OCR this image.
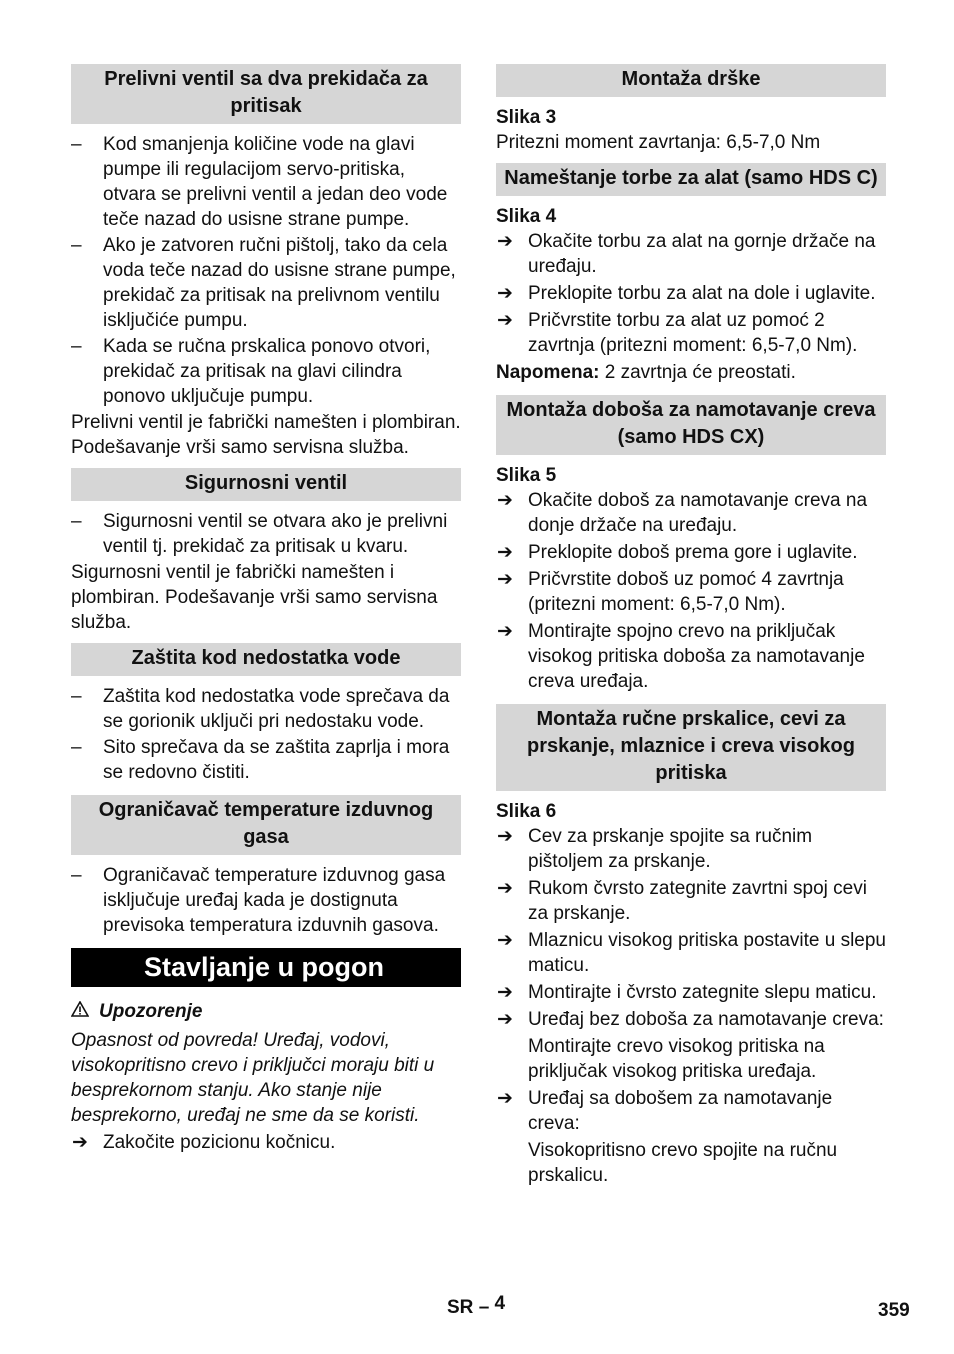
Prelivni ventil sa dva prekidača za pritisak
– Kod smanjenja količine vode na glavi pumpe ili regulacijom servo-pritiska, otvara se prelivni ventil a jedan deo vode teče nazad do usisne strane pumpe.
– Ako je zatvoren ručni pištolj, tako da cela voda teče nazad do usisne strane pumpe, prekidač za pritisak na prelivnom ventilu isključiće pumpu.
– Kada se ručna prskalica ponovo otvori, prekidač za pritisak na glavi cilindra ponovo uključuje pumpu.
Prelivni ventil je fabrički namešten i plombiran. Podešavanje vrši samo servisna služba.
Sigurnosni ventil
– Sigurnosni ventil se otvara ako je prelivni ventil tj. prekidač za pritisak u kvaru.
Sigurnosni ventil je fabrički namešten i plombiran. Podešavanje vrši samo servisna služba.
Zaštita kod nedostatka vode
– Zaštita kod nedostatka vode sprečava da se gorionik uključi pri nedostaku vode.
– Sito sprečava da se zaštita zaprlja i mora se redovno čistiti.
Ograničavač temperature izduvnog gasa
– Ograničavač temperature izduvnog gasa isključuje uređaj kada je dostignuta previsoka temperatura izduvnih gasova.
Stavljanje u pogon
Upozorenje
Opasnost od povreda! Uređaj, vodovi, visokopritisno crevo i priključci moraju biti u besprekornom stanju. Ako stanje nije besprekorno, uređaj ne sme da se koristi.
➔ Zakočite pozicionu kočnicu.
Montaža drške
Slika 3
Pritezni moment zavrtanja: 6,5-7,0 Nm
Nameštanje torbe za alat (samo HDS C)
Slika 4
➔ Okačite torbu za alat na gornje držače na uređaju.
➔ Preklopite torbu za alat na dole i uglavite.
➔ Pričvrstite torbu za alat uz pomoć 2 zavrtnja (pritezni moment: 6,5-7,0 Nm).
Napomena: 2 zavrtnja će preostati.
Montaža doboša za namotavanje creva (samo HDS CX)
Slika 5
➔ Okačite doboš za namotavanje creva na donje držače na uređaju.
➔ Preklopite doboš prema gore i uglavite.
➔ Pričvrstite doboš uz pomoć 4 zavrtnja (pritezni moment: 6,5-7,0 Nm).
➔ Montirajte spojno crevo na priključak visokog pritiska doboša za namotavanje creva uređaja.
Montaža ručne prskalice, cevi za prskanje, mlaznice i creva visokog pritiska
Slika 6
➔ Cev za prskanje spojite sa ručnim pištoljem za prskanje.
➔ Rukom čvrsto zategnite zavrtni spoj cevi za prskanje.
➔ Mlaznicu visokog pritiska postavite u slepu maticu.
➔ Montirajte i čvrsto zategnite slepu maticu.
➔ Uređaj bez doboša za namotavanje creva:
Montirajte crevo visokog pritiska na priključak visokog pritiska uređaja.
➔ Uređaj sa dobošem za namotavanje creva:
Visokopritisno crevo spojite na ručnu prskalicu.
SR – 4	359
